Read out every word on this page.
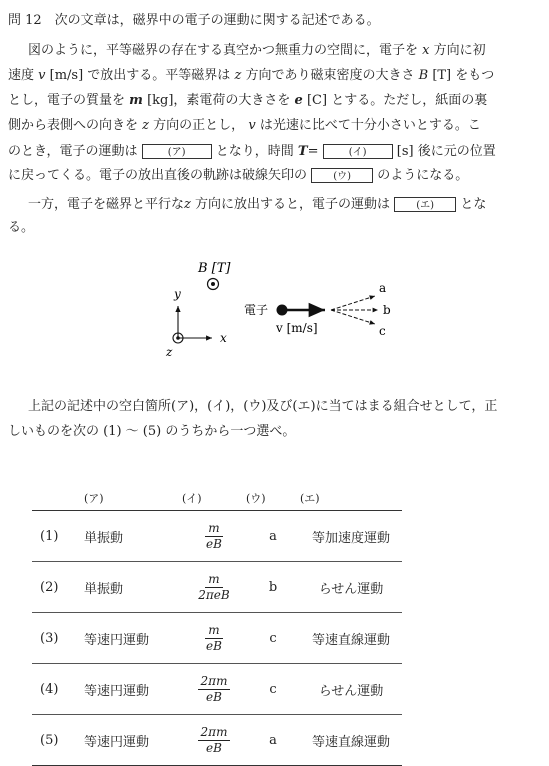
問 12　次の文章は，磁界中の電子の運動に関する記述である。
図のように，平等磁界の存在する真空かつ無重力の空間に，電子を x 方向に初
速度 v [m/s] で放出する。平等磁界は z 方向であり磁束密度の大きさ B [T] をもつ
とし，電子の質量を m [kg]，素電荷の大きさを e [C] とする。ただし，紙面の裏
側から表側への向きを z 方向の正とし， v は光速に比べて十分小さいとする。こ
のとき，電子の運動は	(ア) となり，時間 T=	(イ) [s] 後に元の位置
に戻ってくる。電子の放出直後の軌跡は破線矢印の	(ウ) のようになる。
一方，電子を磁界と平行なz 方向に放出すると，電子の運動は	(エ) とな
る。
B [T]
y
x
z
電子
v [m/s]
a
b
c
上記の記述中の空白箇所(ア)，(イ)，(ウ)及び(エ)に当てはまる組合せとして，正
しいものを次の (1) ～ (5) のうちから一つ選べ。
	(ア)	(イ)	(ウ)	(エ)
(1)	単振動	$\frac{m}{eB}$	a	等加速度運動
(2)	単振動	$\frac{m}{\text{2πeB}}$	b	らせん運動
(3)	等速円運動	$\frac{m}{eB}$	c	等速直線運動
(4)	等速円運動	$\frac{2\pi m}{eB}$	c	らせん運動
(5)	等速円運動	$\frac{2\pi m}{eB}$	a	等速直線運動
